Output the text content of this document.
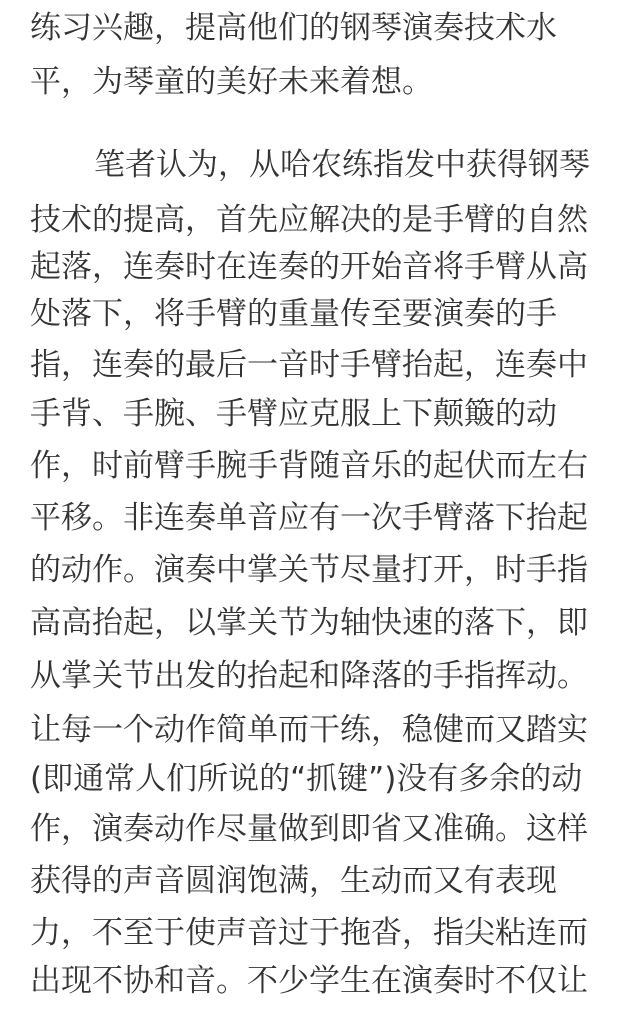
练习兴趣，提高他们的钢琴演奏技术水
平，为琴童的美好未来着想。

笔者认为，从哈农练指发中获得钢琴
技术的提高，首先应解决的是手臂的自然
起落，连奏时在连奏的开始音将手臂从高
处落下，将手臂的重量传至要演奏的手
指，连奏的最后一音时手臂抬起，连奏中
手背、手腕、手臂应克服上下颠簸的动
作，时前臂手腕手背随音乐的起伏而左右
平移。非连奏单音应有一次手臂落下抬起
的动作。演奏中掌关节尽量打开，时手指
高高抬起，以掌关节为轴快速的落下，即
从掌关节出发的抬起和降落的手指挥动。
让每一个动作简单而干练，稳健而又踏实
(即通常人们所说的“抓键”)没有多余的动
作，演奏动作尽量做到即省又准确。这样
获得的声音圆润饱满，生动而又有表现
力，不至于使声音过于拖沓，指尖粘连而
出现不协和音。不少学生在演奏时不仅让
